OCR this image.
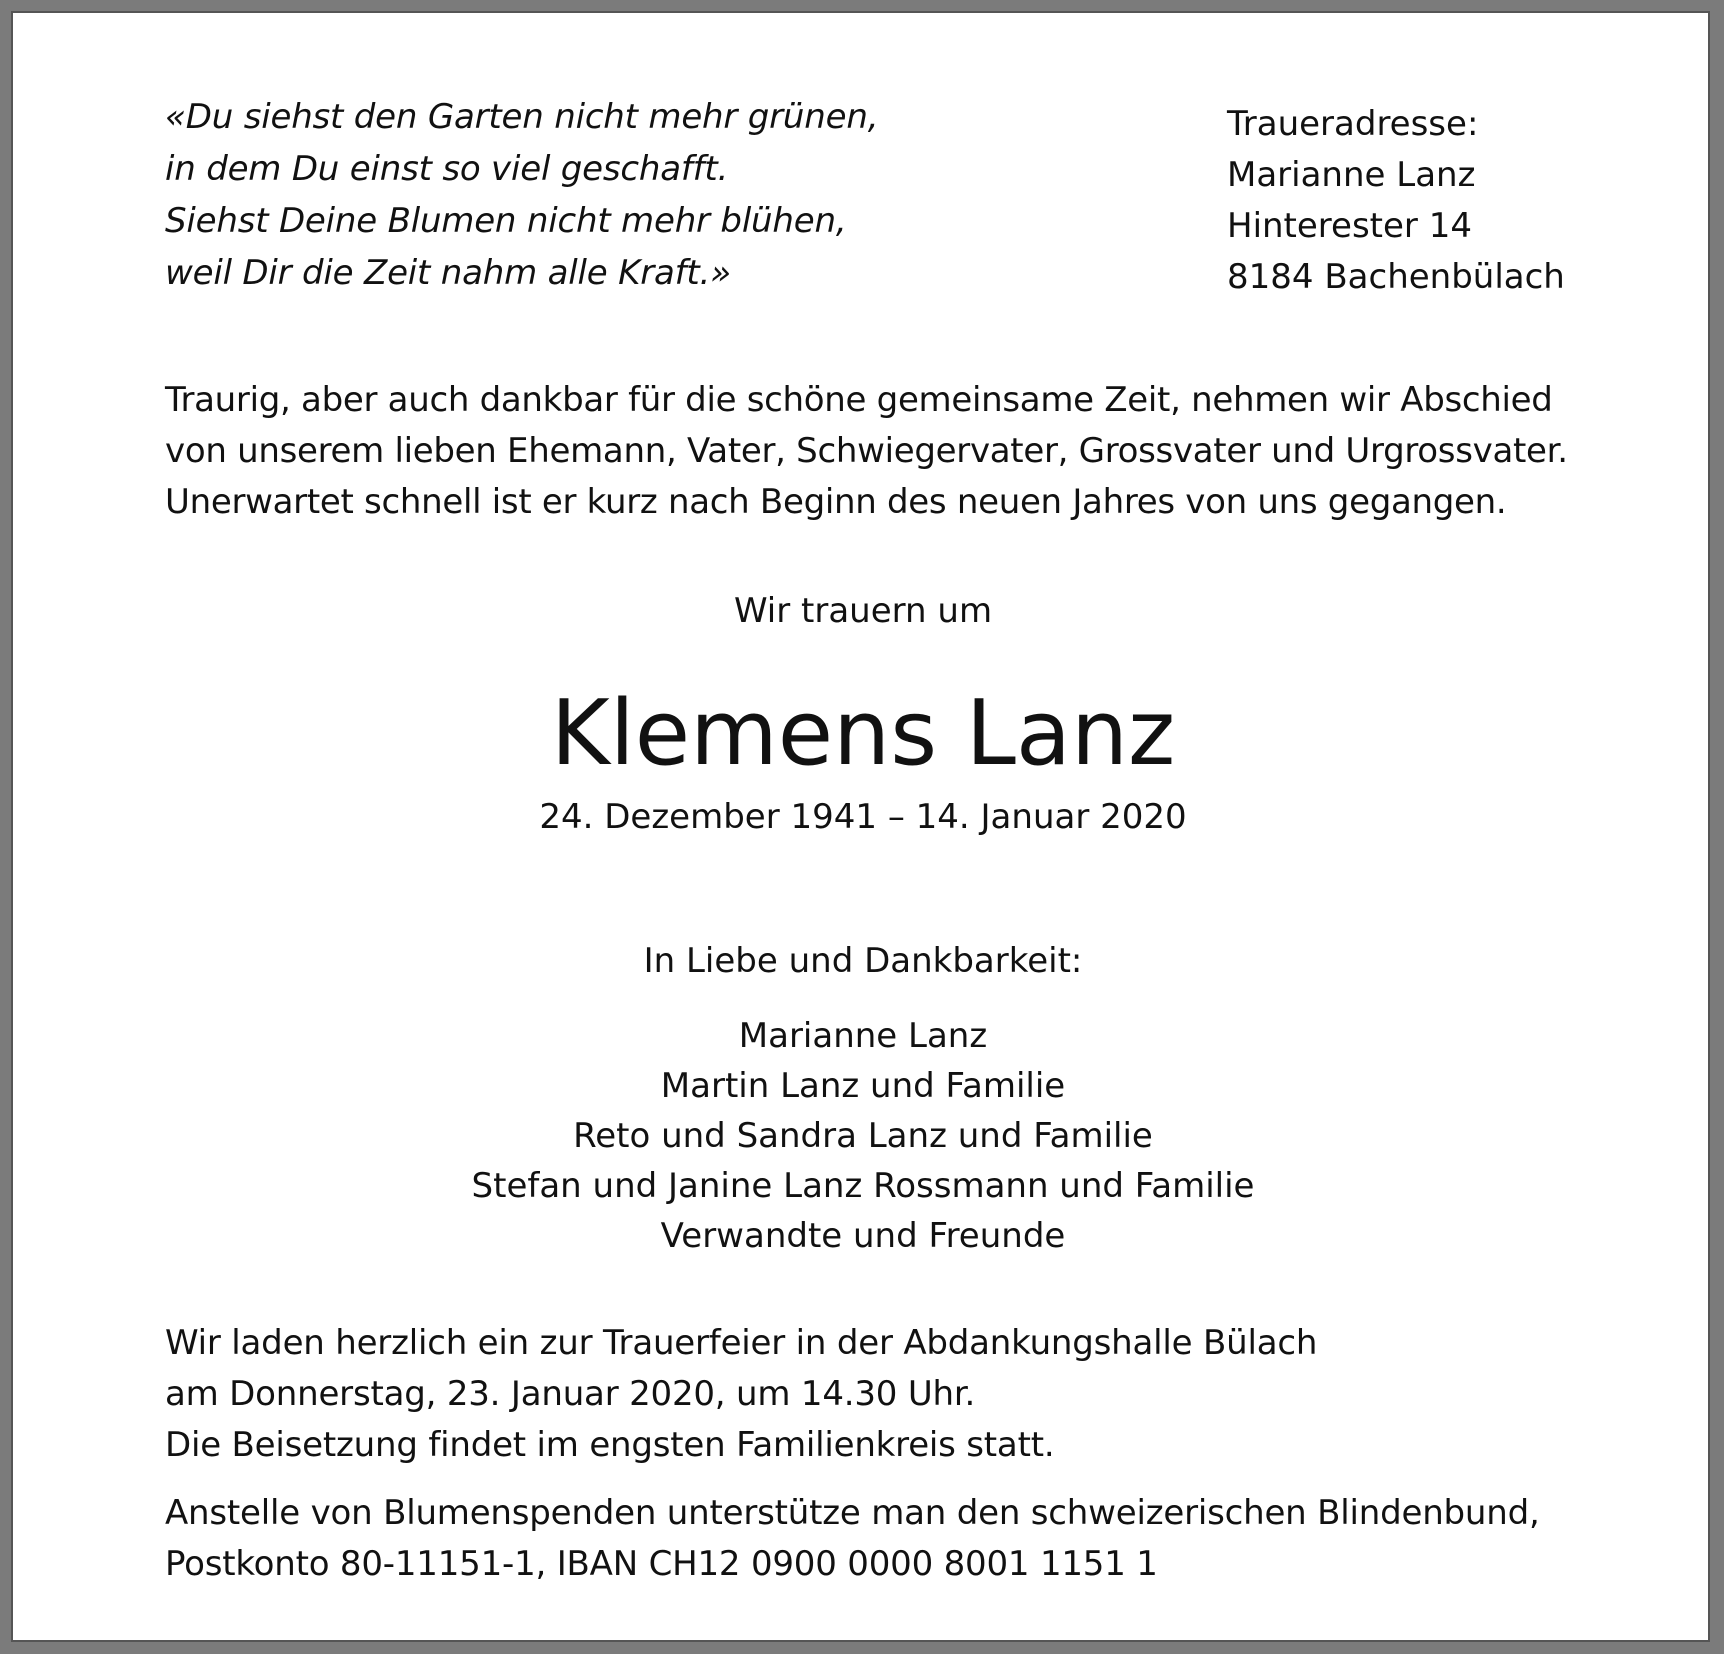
«Du siehst den Garten nicht mehr grünen,
in dem Du einst so viel geschafft.
Siehst Deine Blumen nicht mehr blühen,
weil Dir die Zeit nahm alle Kraft.»
Traueradresse:
Marianne Lanz
Hinterester 14
8184 Bachenbülach
Traurig, aber auch dankbar für die schöne gemeinsame Zeit, nehmen wir Abschied
von unserem lieben Ehemann, Vater, Schwiegervater, Grossvater und Urgrossvater.
Unerwartet schnell ist er kurz nach Beginn des neuen Jahres von uns gegangen.
Wir trauern um
Klemens Lanz
24. Dezember 1941 – 14. Januar 2020
In Liebe und Dankbarkeit:
Marianne Lanz
Martin Lanz und Familie
Reto und Sandra Lanz und Familie
Stefan und Janine Lanz Rossmann und Familie
Verwandte und Freunde
Wir laden herzlich ein zur Trauerfeier in der Abdankungshalle Bülach
am Donnerstag, 23. Januar 2020, um 14.30 Uhr.
Die Beisetzung findet im engsten Familienkreis statt.
Anstelle von Blumenspenden unterstütze man den schweizerischen Blindenbund,
Postkonto 80-11151-1, IBAN CH12 0900 0000 8001 1151 1
